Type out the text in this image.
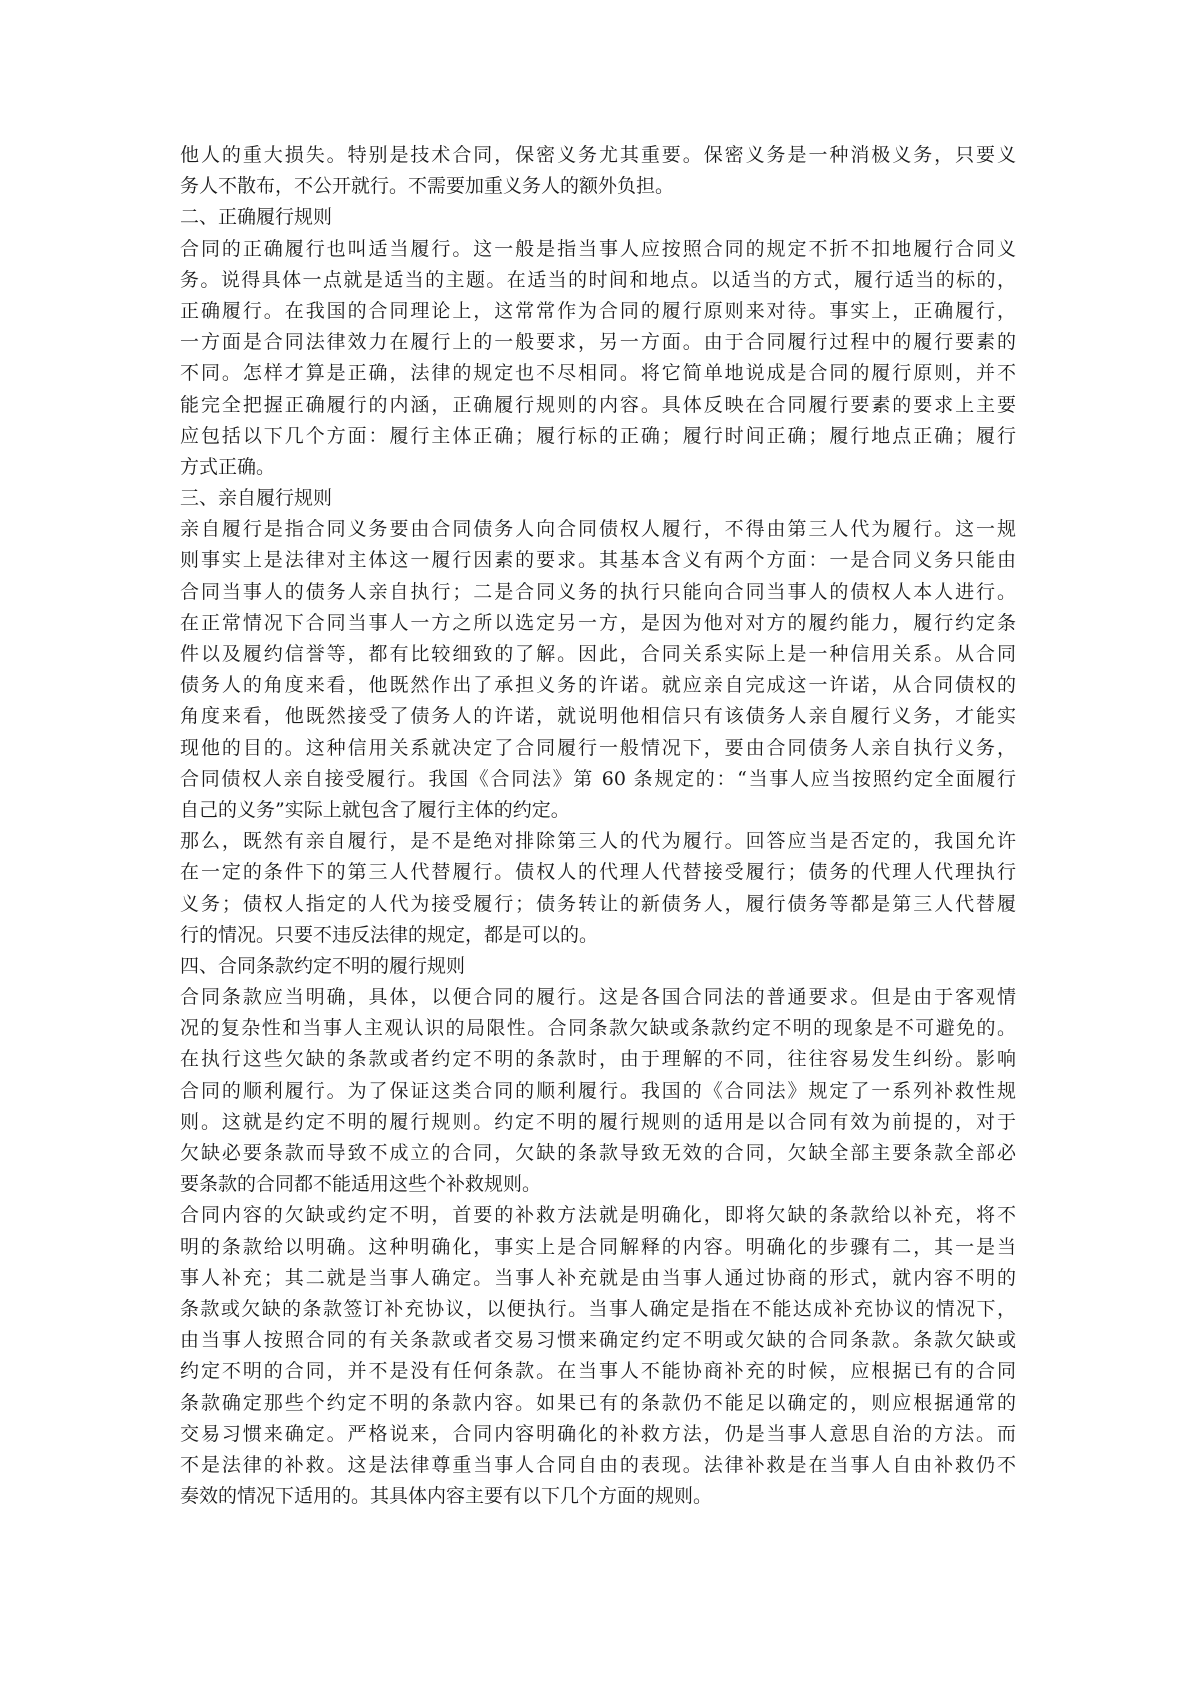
他人的重大损失。特别是技术合同，保密义务尤其重要。保密义务是一种消极义务，只要义
务人不散布，不公开就行。不需要加重义务人的额外负担。
二、正确履行规则
合同的正确履行也叫适当履行。这一般是指当事人应按照合同的规定不折不扣地履行合同义
务。说得具体一点就是适当的主题。在适当的时间和地点。以适当的方式，履行适当的标的，
正确履行。在我国的合同理论上，这常常作为合同的履行原则来对待。事实上，正确履行，
一方面是合同法律效力在履行上的一般要求，另一方面。由于合同履行过程中的履行要素的
不同。怎样才算是正确，法律的规定也不尽相同。将它简单地说成是合同的履行原则，并不
能完全把握正确履行的内涵，正确履行规则的内容。具体反映在合同履行要素的要求上主要
应包括以下几个方面：履行主体正确；履行标的正确；履行时间正确；履行地点正确；履行
方式正确。
三、亲自履行规则
亲自履行是指合同义务要由合同债务人向合同债权人履行，不得由第三人代为履行。这一规
则事实上是法律对主体这一履行因素的要求。其基本含义有两个方面：一是合同义务只能由
合同当事人的债务人亲自执行；二是合同义务的执行只能向合同当事人的债权人本人进行。
在正常情况下合同当事人一方之所以选定另一方，是因为他对对方的履约能力，履行约定条
件以及履约信誉等，都有比较细致的了解。因此，合同关系实际上是一种信用关系。从合同
债务人的角度来看，他既然作出了承担义务的许诺。就应亲自完成这一许诺，从合同债权的
角度来看，他既然接受了债务人的许诺，就说明他相信只有该债务人亲自履行义务，才能实
现他的目的。这种信用关系就决定了合同履行一般情况下，要由合同债务人亲自执行义务，
合同债权人亲自接受履行。我国《合同法》第 60 条规定的：“当事人应当按照约定全面履行
自己的义务”实际上就包含了履行主体的约定。
那么，既然有亲自履行，是不是绝对排除第三人的代为履行。回答应当是否定的，我国允许
在一定的条件下的第三人代替履行。债权人的代理人代替接受履行；债务的代理人代理执行
义务；债权人指定的人代为接受履行；债务转让的新债务人，履行债务等都是第三人代替履
行的情况。只要不违反法律的规定，都是可以的。
四、合同条款约定不明的履行规则
合同条款应当明确，具体，以便合同的履行。这是各国合同法的普通要求。但是由于客观情
况的复杂性和当事人主观认识的局限性。合同条款欠缺或条款约定不明的现象是不可避免的。
在执行这些欠缺的条款或者约定不明的条款时，由于理解的不同，往往容易发生纠纷。影响
合同的顺利履行。为了保证这类合同的顺利履行。我国的《合同法》规定了一系列补救性规
则。这就是约定不明的履行规则。约定不明的履行规则的适用是以合同有效为前提的，对于
欠缺必要条款而导致不成立的合同，欠缺的条款导致无效的合同，欠缺全部主要条款全部必
要条款的合同都不能适用这些个补救规则。
合同内容的欠缺或约定不明，首要的补救方法就是明确化，即将欠缺的条款给以补充，将不
明的条款给以明确。这种明确化，事实上是合同解释的内容。明确化的步骤有二，其一是当
事人补充；其二就是当事人确定。当事人补充就是由当事人通过协商的形式，就内容不明的
条款或欠缺的条款签订补充协议，以便执行。当事人确定是指在不能达成补充协议的情况下，
由当事人按照合同的有关条款或者交易习惯来确定约定不明或欠缺的合同条款。条款欠缺或
约定不明的合同，并不是没有任何条款。在当事人不能协商补充的时候，应根据已有的合同
条款确定那些个约定不明的条款内容。如果已有的条款仍不能足以确定的，则应根据通常的
交易习惯来确定。严格说来，合同内容明确化的补救方法，仍是当事人意思自治的方法。而
不是法律的补救。这是法律尊重当事人合同自由的表现。法律补救是在当事人自由补救仍不
奏效的情况下适用的。其具体内容主要有以下几个方面的规则。
